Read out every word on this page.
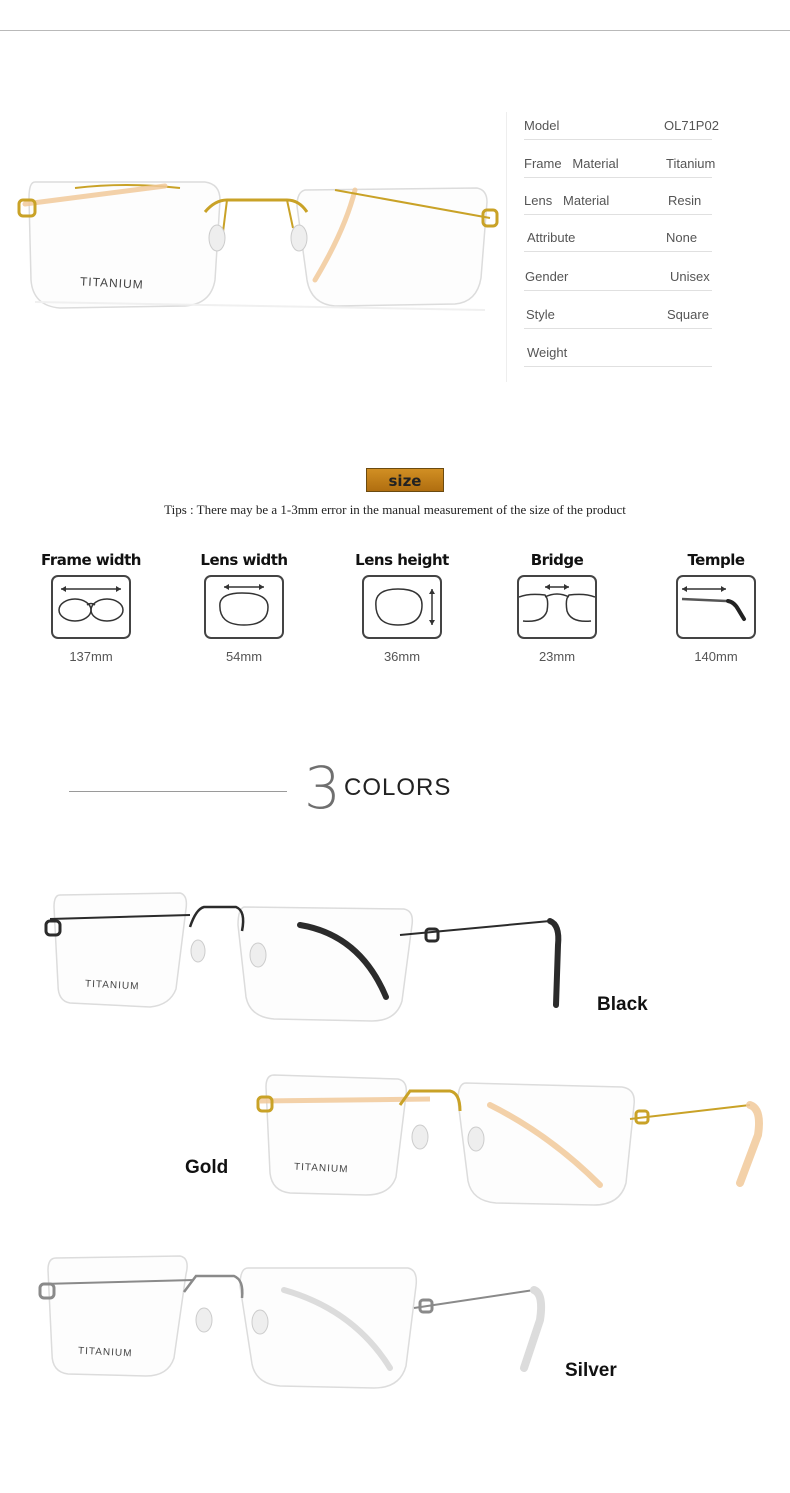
TITANIUM
Model	OL71P02
Frame   Material	Titanium
Lens   Material	Resin
Attribute	None
Gender	Unisex
Style	Square
Weight
size
Tips : There may be a 1-3mm error in the manual measurement of the size of the product
Frame width
137mm
Lens width
54mm
Lens height
36mm
Bridge
23mm
Temple
140mm
3 COLORS
TITANIUM
Black
TITANIUM
Gold
TITANIUM
Silver
